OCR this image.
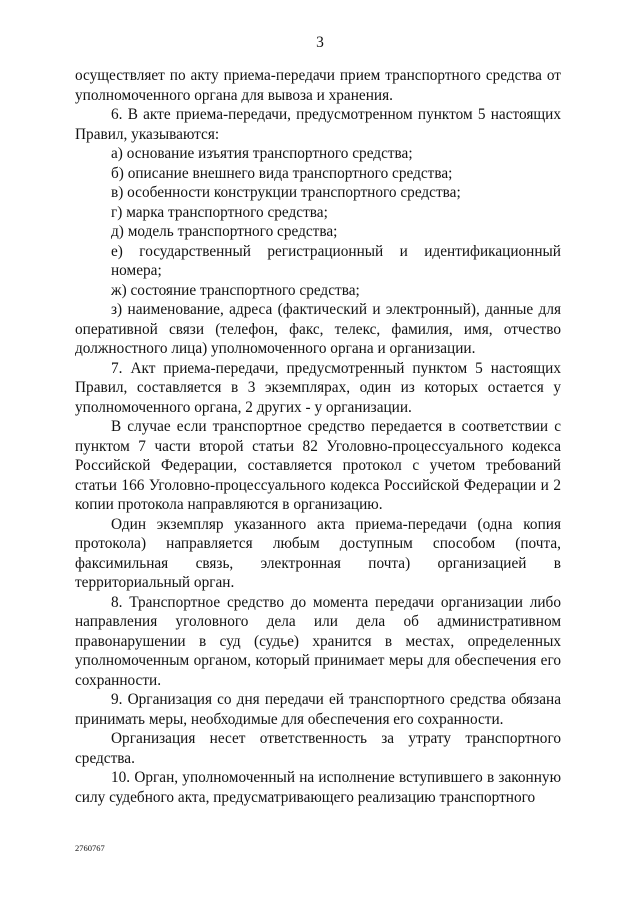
3

осуществляет по акту приема-передачи прием транспортного средства от уполномоченного органа для вывоза и хранения.

6. В акте приема-передачи, предусмотренном пунктом 5 настоящих Правил, указываются:

а) основание изъятия транспортного средства;

б) описание внешнего вида транспортного средства;

в) особенности конструкции транспортного средства;

г) марка транспортного средства;

д) модель транспортного средства;

е) государственный регистрационный и идентификационный номера;

ж) состояние транспортного средства;

з) наименование, адреса (фактический и электронный), данные для оперативной связи (телефон, факс, телекс, фамилия, имя, отчество должностного лица) уполномоченного органа и организации.

7. Акт приема-передачи, предусмотренный пунктом 5 настоящих Правил, составляется в 3 экземплярах, один из которых остается у уполномоченного органа, 2 других - у организации.

В случае если транспортное средство передается в соответствии с пунктом 7 части второй статьи 82 Уголовно-процессуального кодекса Российской Федерации, составляется протокол с учетом требований статьи 166 Уголовно-процессуального кодекса Российской Федерации и 2 копии протокола направляются в организацию.

Один экземпляр указанного акта приема-передачи (одна копия протокола) направляется любым доступным способом (почта, факсимильная связь, электронная почта) организацией в территориальный орган.

8. Транспортное средство до момента передачи организации либо направления уголовного дела или дела об административном правонарушении в суд (судье) хранится в местах, определенных уполномоченным органом, который принимает меры для обеспечения его сохранности.

9. Организация со дня передачи ей транспортного средства обязана принимать меры, необходимые для обеспечения его сохранности.

Организация несет ответственность за утрату транспортного средства.

10. Орган, уполномоченный на исполнение вступившего в законную силу судебного акта, предусматривающего реализацию транспортного

2760767
